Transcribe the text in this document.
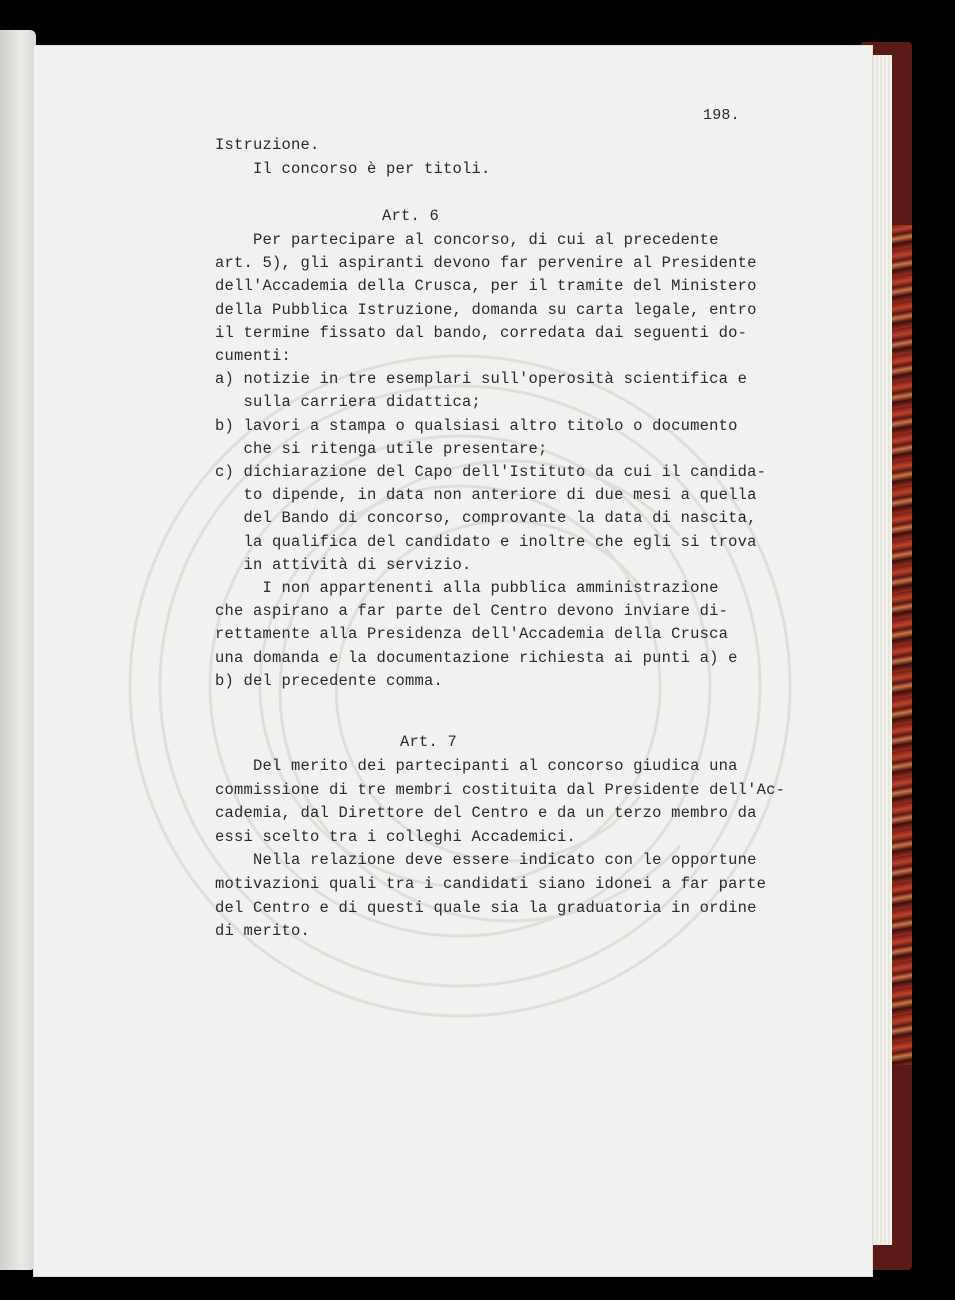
198.
Istruzione.
Il concorso è per titoli.
Art. 6
Per partecipare al concorso, di cui al precedente
art. 5), gli aspiranti devono far pervenire al Presidente
dell'Accademia della Crusca, per il tramite del Ministero
della Pubblica Istruzione, domanda su carta legale, entro
il termine fissato dal bando, corredata dai seguenti do-
cumenti:
a) notizie in tre esemplari sull'operosità scientifica e
sulla carriera didattica;
b) lavori a stampa o qualsiasi altro titolo o documento
che si ritenga utile presentare;
c) dichiarazione del Capo dell'Istituto da cui il candida-
to dipende, in data non anteriore di due mesi a quella
del Bando di concorso, comprovante la data di nascita,
la qualifica del candidato e inoltre che egli si trova
in attività di servizio.
I non appartenenti alla pubblica amministrazione
che aspirano a far parte del Centro devono inviare di-
rettamente alla Presidenza dell'Accademia della Crusca
una domanda e la documentazione richiesta ai punti a) e
b) del precedente comma.
Art. 7
Del merito dei partecipanti al concorso giudica una
commissione di tre membri costituita dal Presidente dell'Ac-
cademia, dal Direttore del Centro e da un terzo membro da
essi scelto tra i colleghi Accademici.
Nella relazione deve essere indicato con le opportune
motivazioni quali tra i candidati siano idonei a far parte
del Centro e di questi quale sia la graduatoria in ordine
di merito.
